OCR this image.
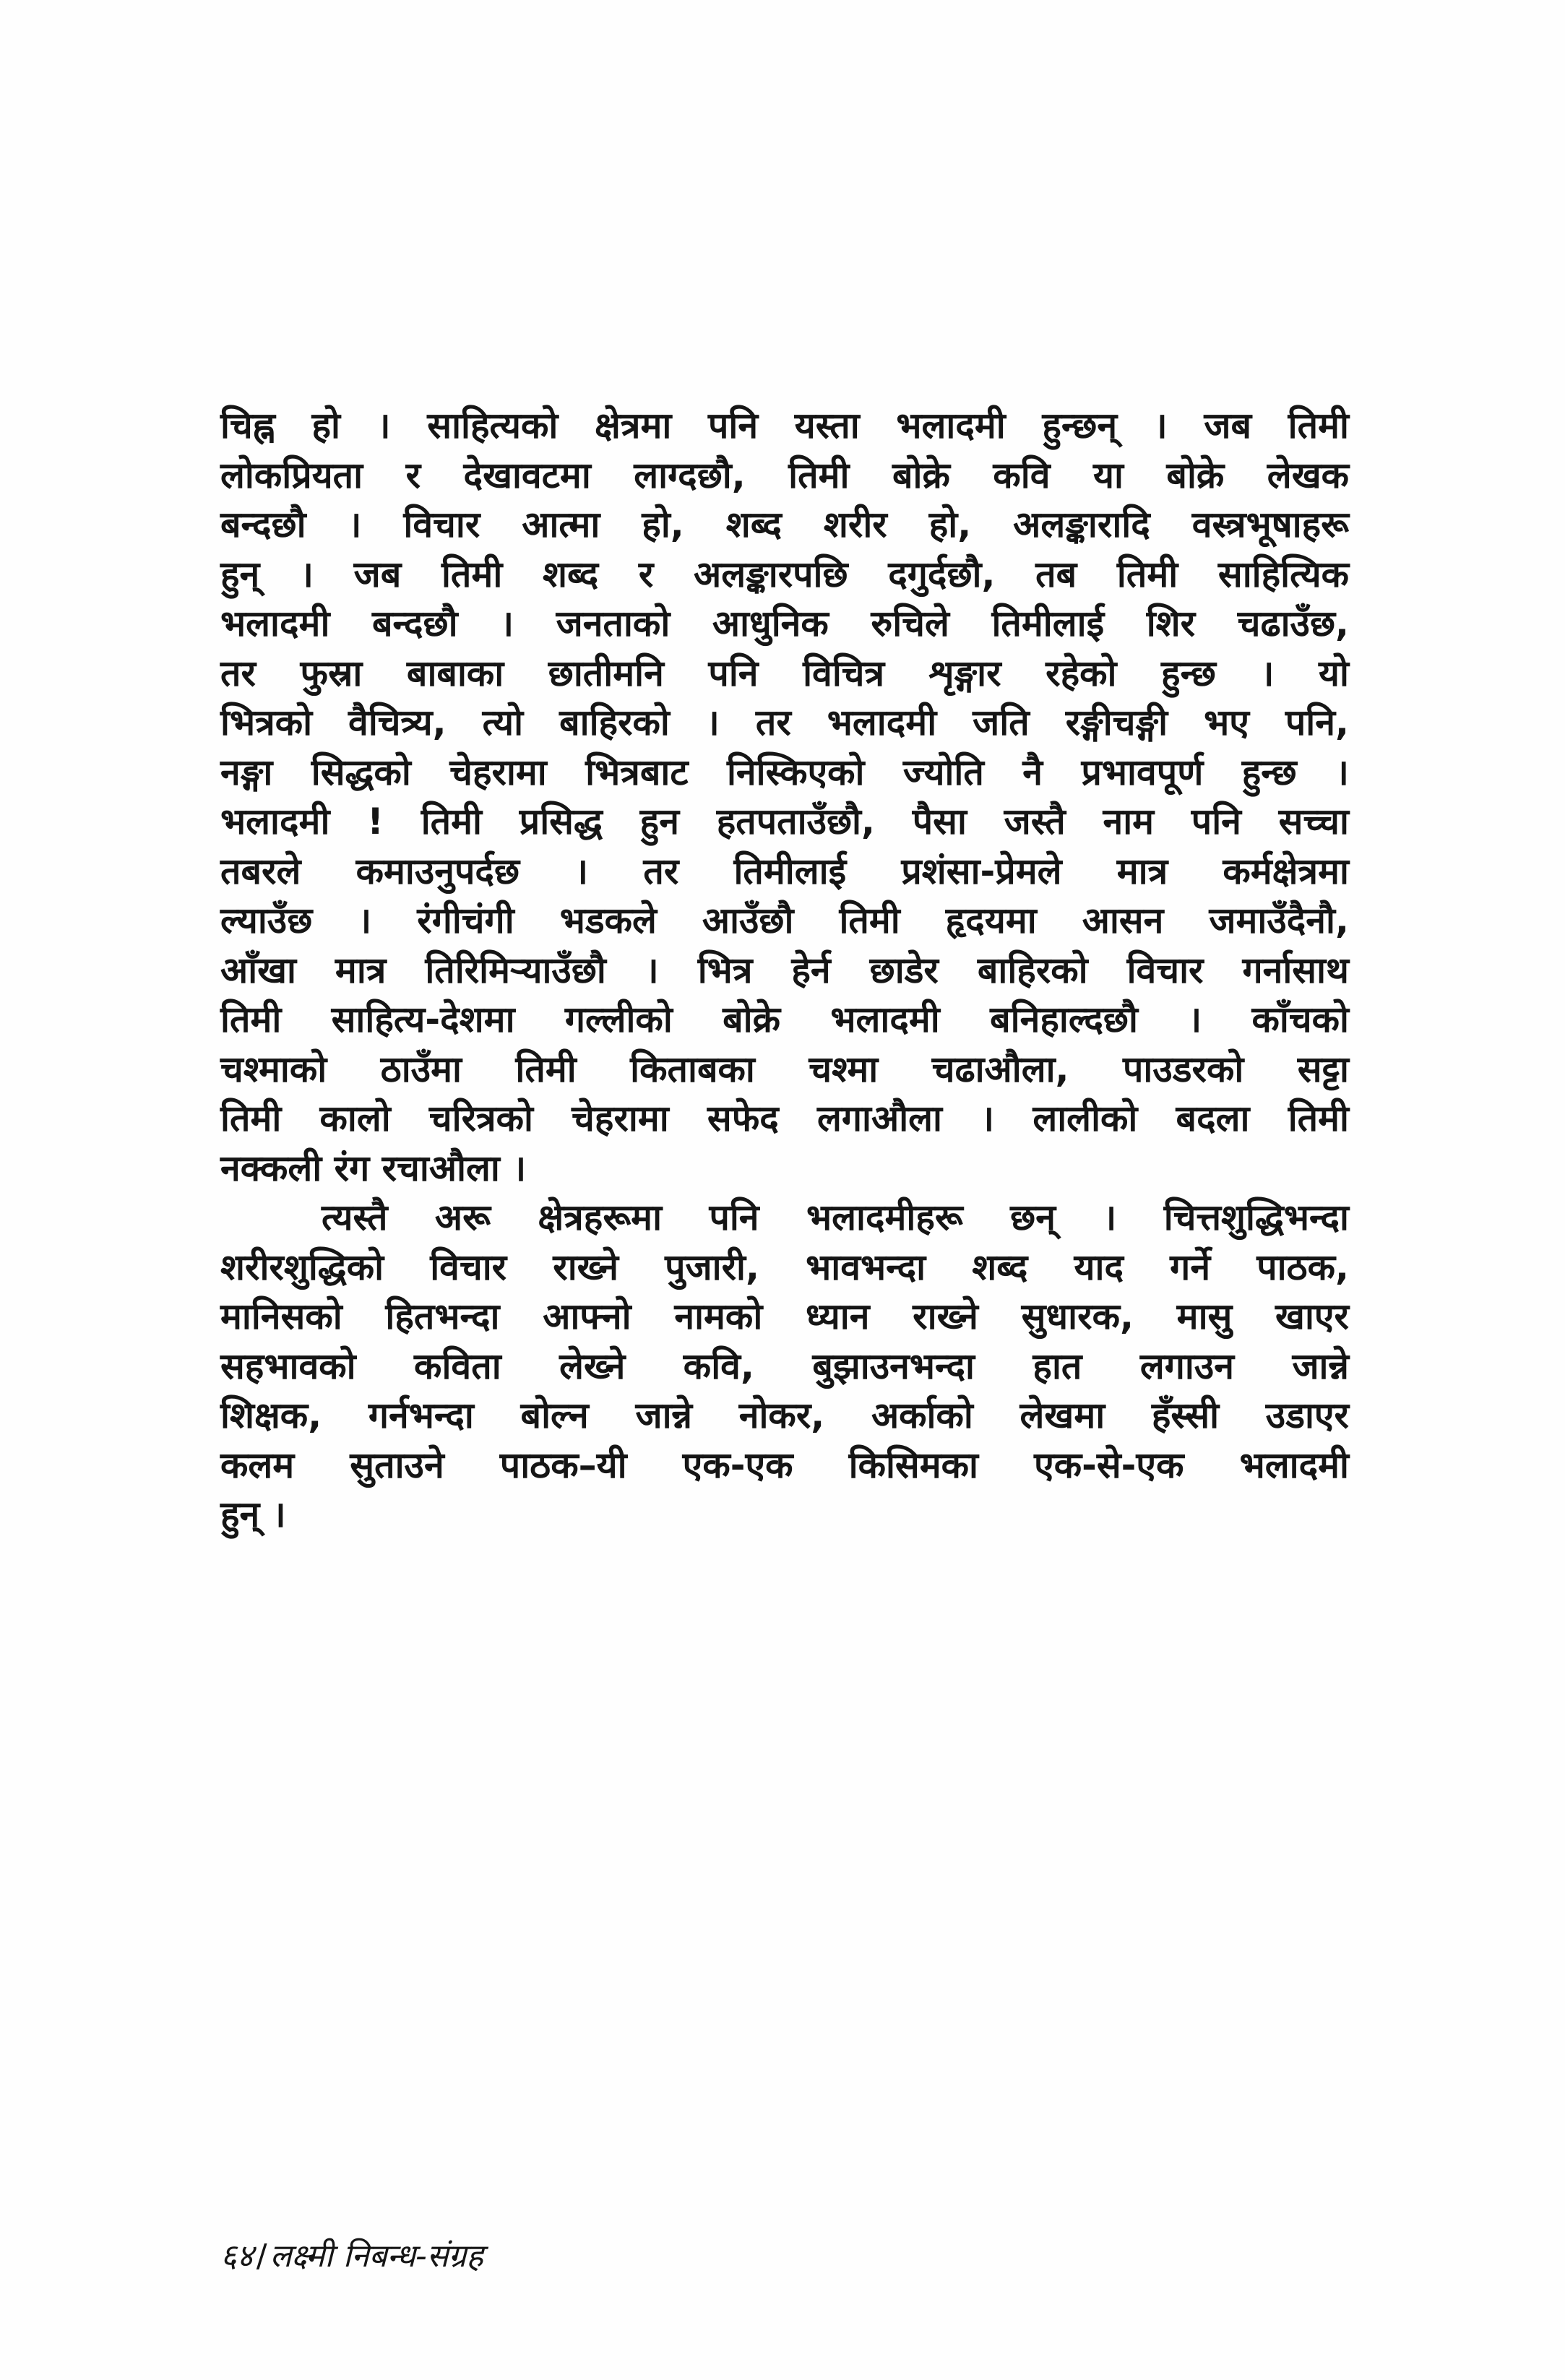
चिह्न हो । साहित्यको क्षेत्रमा पनि यस्ता भलादमी हुन्छन् । जब तिमी
लोकप्रियता र देखावटमा लाग्दछौ, तिमी बोक्रे कवि या बोक्रे लेखक
बन्दछौ । विचार आत्मा हो, शब्द शरीर हो, अलङ्कारादि वस्त्रभूषाहरू
हुन् । जब तिमी शब्द र अलङ्कारपछि दगुर्दछौ, तब तिमी साहित्यिक
भलादमी बन्दछौ । जनताको आधुनिक रुचिले तिमीलाई शिर चढाउँछ,
तर फुस्रा बाबाका छातीमनि पनि विचित्र शृङ्गार रहेको हुन्छ । यो
भित्रको वैचित्र्य, त्यो बाहिरको । तर भलादमी जति रङ्गीचङ्गी भए पनि,
नङ्गा सिद्धको चेहरामा भित्रबाट निस्किएको ज्योति नै प्रभावपूर्ण हुन्छ ।
भलादमी ! तिमी प्रसिद्ध हुन हतपताउँछौ, पैसा जस्तै नाम पनि सच्चा
तबरले कमाउनुपर्दछ । तर तिमीलाई प्रशंसा-प्रेमले मात्र कर्मक्षेत्रमा
ल्याउँछ । रंगीचंगी भडकले आउँछौ तिमी हृदयमा आसन जमाउँदैनौ,
आँखा मात्र तिरिमिऱ्याउँछौ । भित्र हेर्न छाडेर बाहिरको विचार गर्नासाथ
तिमी साहित्य-देशमा गल्लीको बोक्रे भलादमी बनिहाल्दछौ । काँचको
चश्माको ठाउँमा तिमी किताबका चश्मा चढाऔला, पाउडरको सट्टा
तिमी कालो चरित्रको चेहरामा सफेद लगाऔला । लालीको बदला तिमी
नक्कली रंग रचाऔला ।
त्यस्तै अरू क्षेत्रहरूमा पनि भलादमीहरू छन् । चित्तशुद्धिभन्दा
शरीरशुद्धिको विचार राख्ने पुजारी, भावभन्दा शब्द याद गर्ने पाठक,
मानिसको हितभन्दा आफ्नो नामको ध्यान राख्ने सुधारक, मासु खाएर
सहभावको कविता लेख्ने कवि, बुझाउनभन्दा हात लगाउन जान्ने
शिक्षक, गर्नभन्दा बोल्न जान्ने नोकर, अर्काको लेखमा हँस्सी उडाएर
कलम सुताउने पाठक–यी एक-एक किसिमका एक-से-एक भलादमी
हुन् ।
६४/लक्ष्मी निबन्ध-संग्रह
